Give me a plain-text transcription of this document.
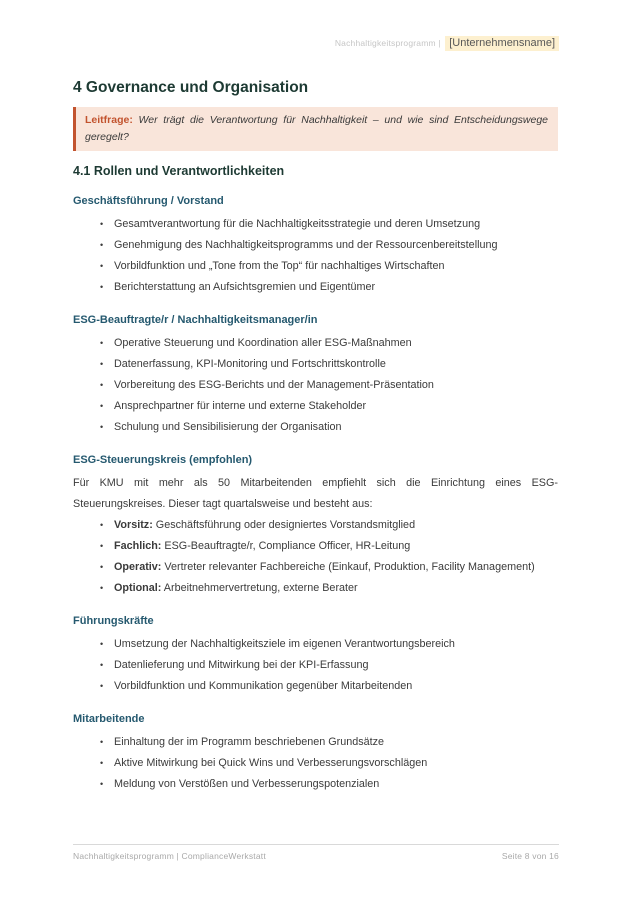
Nachhaltigkeitsprogramm | [Unternehmensname]
4 Governance und Organisation

Leitfrage: Wer trägt die Verantwortung für Nachhaltigkeit – und wie sind Entscheidungswege geregelt?

4.1 Rollen und Verantwortlichkeiten
Geschäftsführung / Vorstand
•	Gesamtverantwortung für die Nachhaltigkeitsstrategie und deren Umsetzung
•	Genehmigung des Nachhaltigkeitsprogramms und der Ressourcenbereitstellung
•	Vorbildfunktion und „Tone from the Top“ für nachhaltiges Wirtschaften
•	Berichterstattung an Aufsichtsgremien und Eigentümer
ESG-Beauftragte/r / Nachhaltigkeitsmanager/in
•	Operative Steuerung und Koordination aller ESG-Maßnahmen
•	Datenerfassung, KPI-Monitoring und Fortschrittskontrolle
•	Vorbereitung des ESG-Berichts und der Management-Präsentation
•	Ansprechpartner für interne und externe Stakeholder
•	Schulung und Sensibilisierung der Organisation
ESG-Steuerungskreis (empfohlen)

Für KMU mit mehr als 50 Mitarbeitenden empfiehlt sich die Einrichtung eines ESG-Steuerungskreises. Dieser tagt quartalsweise und besteht aus:

•	Vorsitz: Geschäftsführung oder designiertes Vorstandsmitglied
•	Fachlich: ESG-Beauftragte/r, Compliance Officer, HR-Leitung
•	Operativ: Vertreter relevanter Fachbereiche (Einkauf, Produktion, Facility Management)
•	Optional: Arbeitnehmervertretung, externe Berater
Führungskräfte
•	Umsetzung der Nachhaltigkeitsziele im eigenen Verantwortungsbereich
•	Datenlieferung und Mitwirkung bei der KPI-Erfassung
•	Vorbildfunktion und Kommunikation gegenüber Mitarbeitenden
Mitarbeitende
•	Einhaltung der im Programm beschriebenen Grundsätze
•	Aktive Mitwirkung bei Quick Wins und Verbesserungsvorschlägen
•	Meldung von Verstößen und Verbesserungspotenzialen
Nachhaltigkeitsprogramm | ComplianceWerkstatt	Seite 8 von 16
